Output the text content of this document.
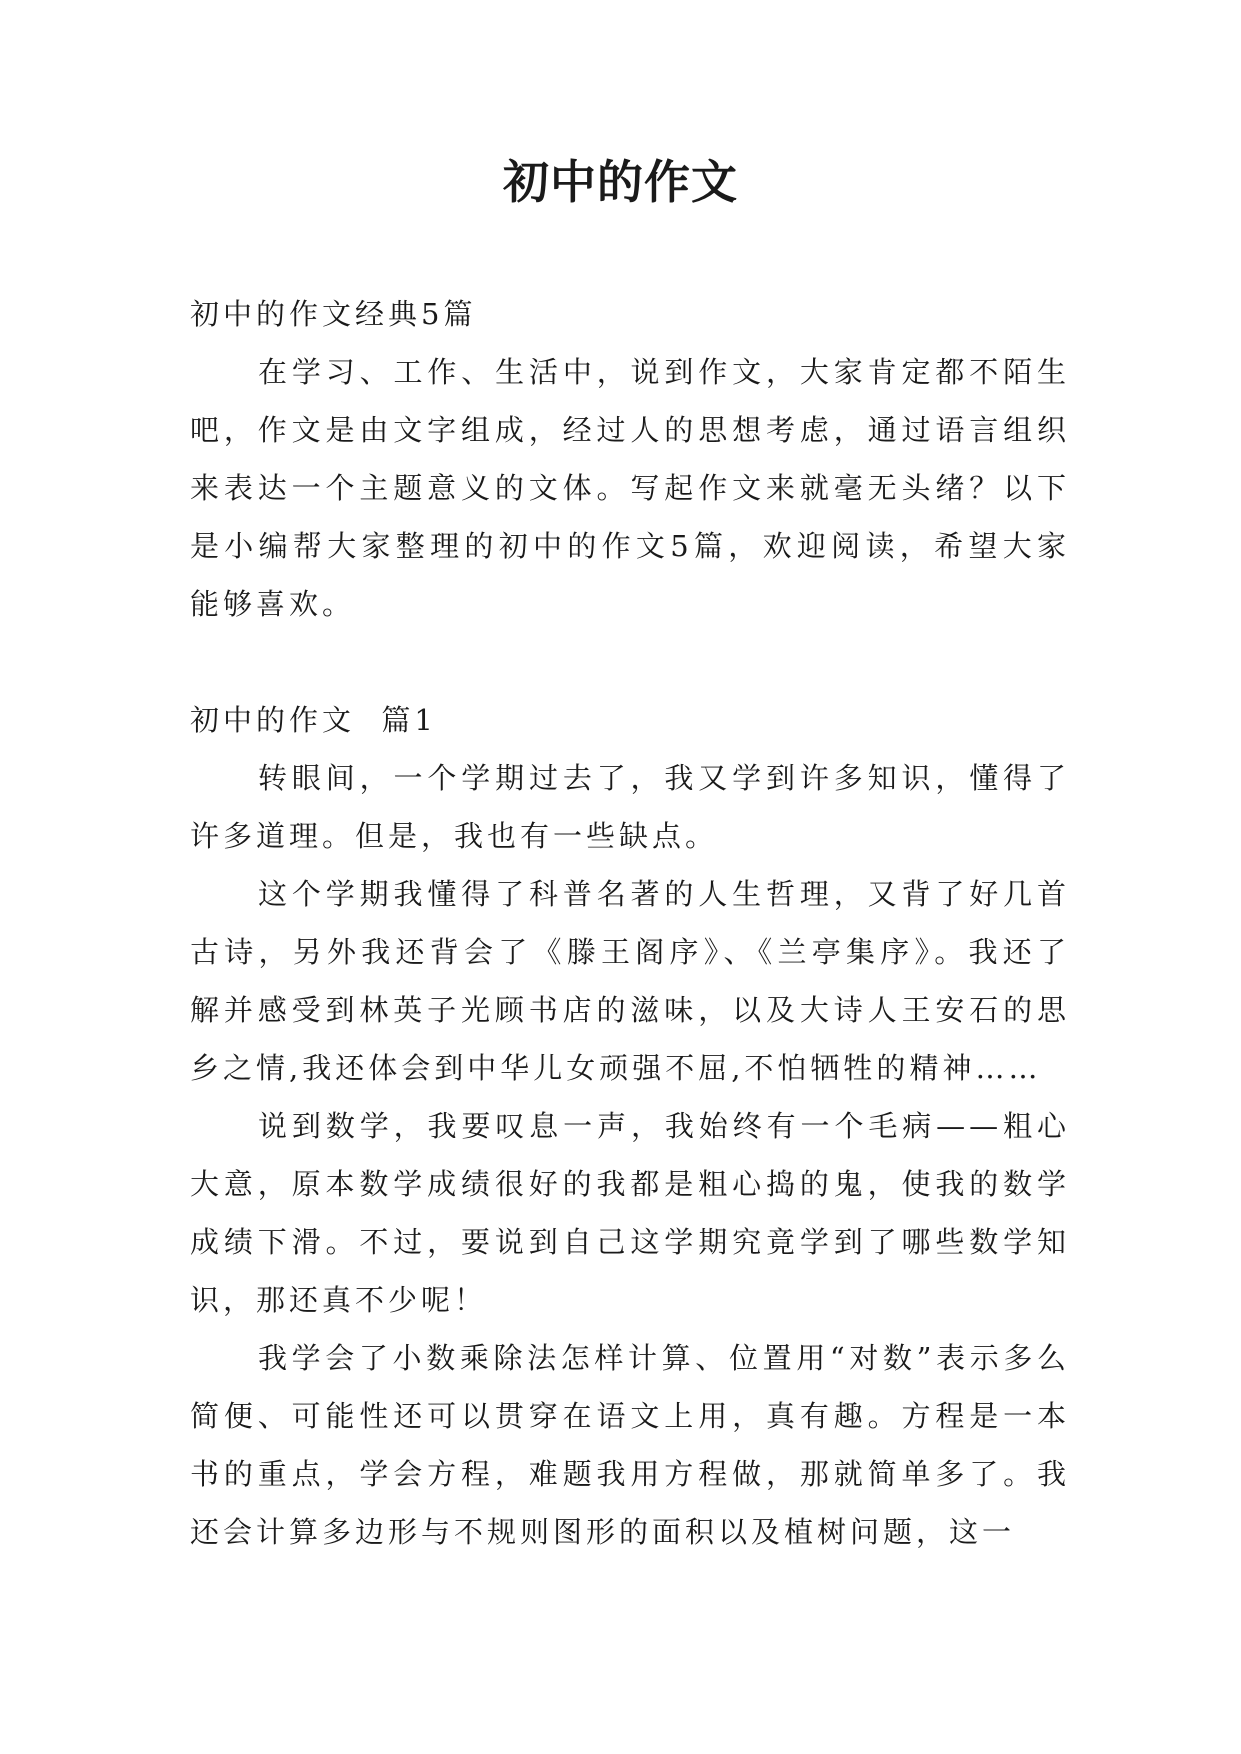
初中的作文

初中的作文经典5篇

在学习、工作、生活中，说到作文，大家肯定都不陌生吧，作文是由文字组成，经过人的思想考虑，通过语言组织来表达一个主题意义的文体。写起作文来就毫无头绪？以下是小编帮大家整理的初中的作文5篇，欢迎阅读，希望大家能够喜欢。

初中的作文  篇1

转眼间，一个学期过去了，我又学到许多知识，懂得了许多道理。但是，我也有一些缺点。

这个学期我懂得了科普名著的人生哲理，又背了好几首古诗，另外我还背会了《滕王阁序》、《兰亭集序》。我还了解并感受到林英子光顾书店的滋味，以及大诗人王安石的思乡之情,我还体会到中华儿女顽强不屈,不怕牺牲的精神……

说到数学，我要叹息一声，我始终有一个毛病——粗心大意，原本数学成绩很好的我都是粗心捣的鬼，使我的数学成绩下滑。不过，要说到自己这学期究竟学到了哪些数学知识，那还真不少呢！

我学会了小数乘除法怎样计算、位置用“对数”表示多么简便、可能性还可以贯穿在语文上用，真有趣。方程是一本书的重点，学会方程，难题我用方程做，那就简单多了。我还会计算多边形与不规则图形的面积以及植树问题，这一
